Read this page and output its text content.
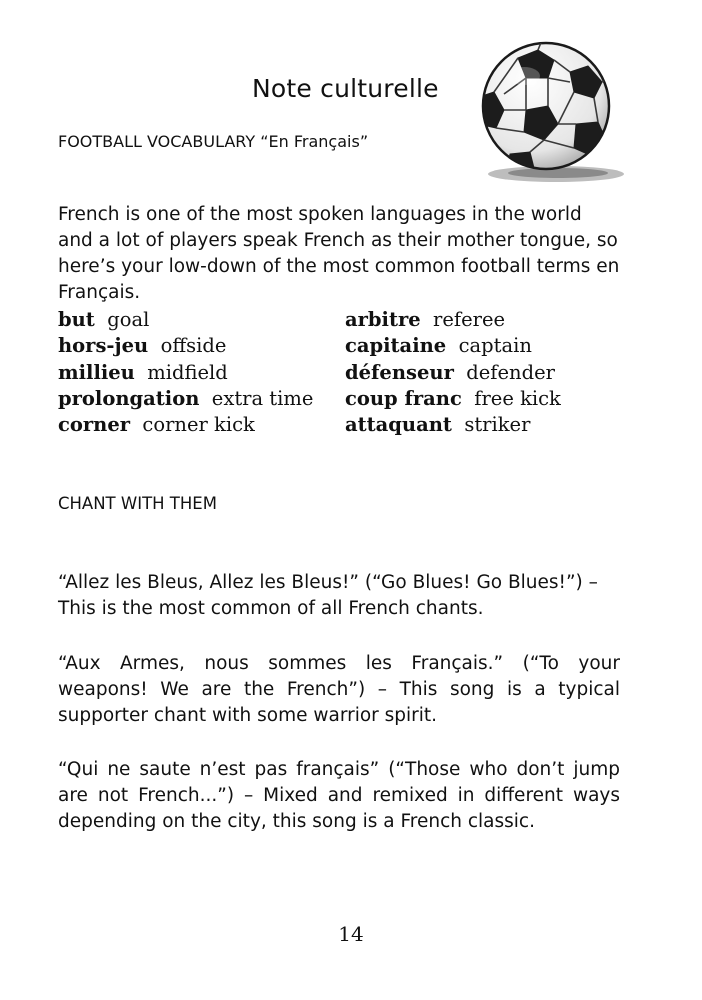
Note culturelle
FOOTBALL VOCABULARY “En Français”

French is one of the most spoken languages in the world and a lot of players speak French as their mother tongue, so here’s your low-down of the most common football terms en Français.

but goal
hors-jeu offside
millieu midfield
prolongation extra time
corner corner kick
arbitre referee
capitaine captain
défenseur defender
coup franc free kick
attaquant striker
CHANT WITH THEM

“Allez les Bleus, Allez les Bleus!” (“Go Blues! Go Blues!”) – This is the most common of all French chants.

“Aux Armes, nous sommes les Français.” (“To your weapons! We are the French”) – This song is a typical supporter chant with some warrior spirit.

“Qui ne saute n’est pas français” (“Those who don’t jump are not French...”) – Mixed and remixed in different ways depending on the city, this song is a French classic.

14
